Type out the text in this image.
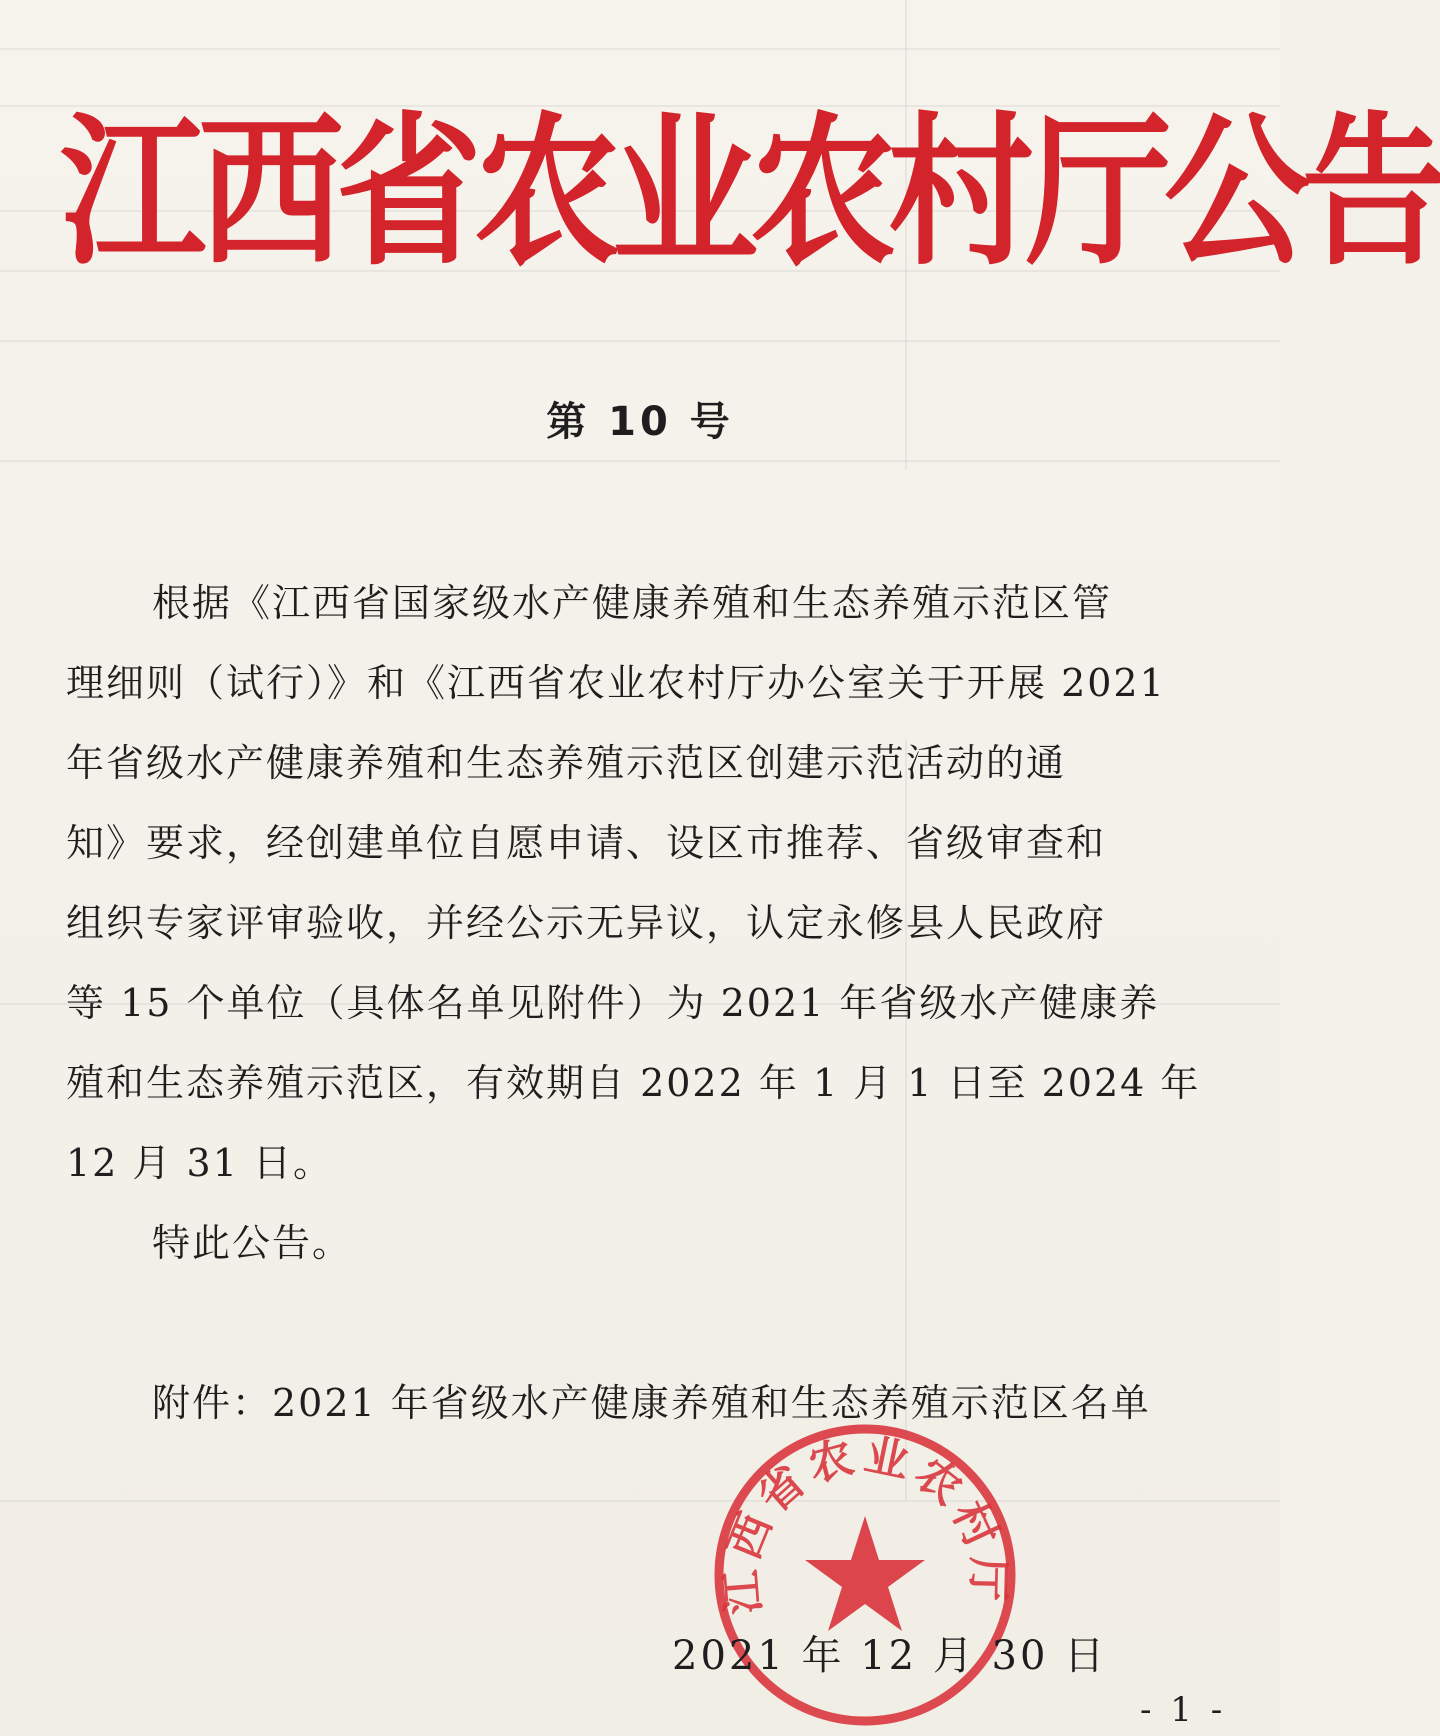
江西省农业农村厅公告
第 10 号
根据《江西省国家级水产健康养殖和生态养殖示范区管
理细则（试行）》和《江西省农业农村厅办公室关于开展 2021
年省级水产健康养殖和生态养殖示范区创建示范活动的通
知》要求，经创建单位自愿申请、设区市推荐、省级审查和
组织专家评审验收，并经公示无异议，认定永修县人民政府
等 15 个单位（具体名单见附件）为 2021 年省级水产健康养
殖和生态养殖示范区，有效期自 2022 年 1 月 1 日至 2024 年
12 月 31 日。
特此公告。
附件：2021 年省级水产健康养殖和生态养殖示范区名单
江西省农业农村厅
2021 年 12 月 30 日
- 1 -
